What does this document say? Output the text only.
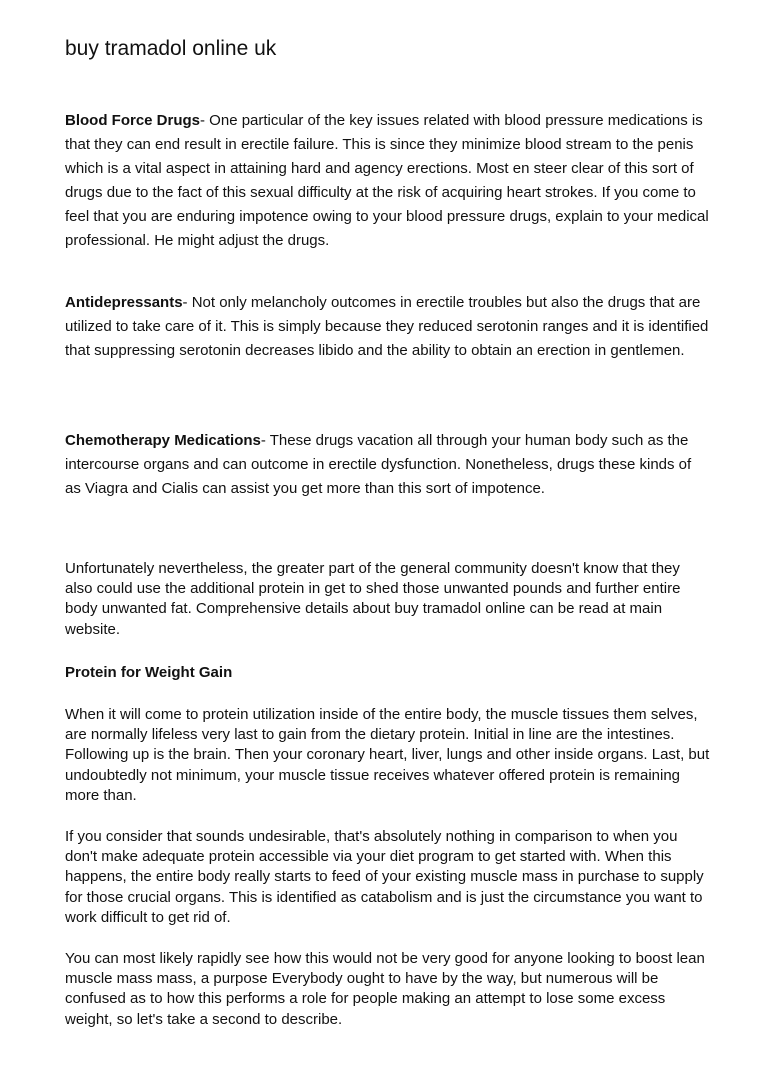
buy tramadol online uk

Blood Force Drugs- One particular of the key issues related with blood pressure medications is that they can end result in erectile failure. This is since they minimize blood stream to the penis which is a vital aspect in attaining hard and agency erections. Most en steer clear of this sort of drugs due to the fact of this sexual difficulty at the risk of acquiring heart strokes. If you come to feel that you are enduring impotence owing to your blood pressure drugs, explain to your medical professional. He might adjust the drugs.

Antidepressants- Not only melancholy outcomes in erectile troubles but also the drugs that are utilized to take care of it. This is simply because they reduced serotonin ranges and it is identified that suppressing serotonin decreases libido and the ability to obtain an erection in gentlemen.

Chemotherapy Medications- These drugs vacation all through your human body such as the intercourse organs and can outcome in erectile dysfunction. Nonetheless, drugs these kinds of as Viagra and Cialis can assist you get more than this sort of impotence.

Unfortunately nevertheless, the greater part of the general community doesn't know that they also could use the additional protein in get to shed those unwanted pounds and further entire body unwanted fat. Comprehensive details about buy tramadol online can be read at main website.

Protein for Weight Gain

When it will come to protein utilization inside of the entire body, the muscle tissues them selves, are normally lifeless very last to gain from the dietary protein. Initial in line are the intestines. Following up is the brain. Then your coronary heart, liver, lungs and other inside organs. Last, but undoubtedly not minimum, your muscle tissue receives whatever offered protein is remaining more than.

If you consider that sounds undesirable, that's absolutely nothing in comparison to when you don't make adequate protein accessible via your diet program to get started with. When this happens, the entire body really starts to feed of your existing muscle mass in purchase to supply for those crucial organs. This is identified as catabolism and is just the circumstance you want to work difficult to get rid of.

You can most likely rapidly see how this would not be very good for anyone looking to boost lean muscle mass mass, a purpose Everybody ought to have by the way, but numerous will be confused as to how this performs a role for people making an attempt to lose some excess weight, so let's take a second to describe.
